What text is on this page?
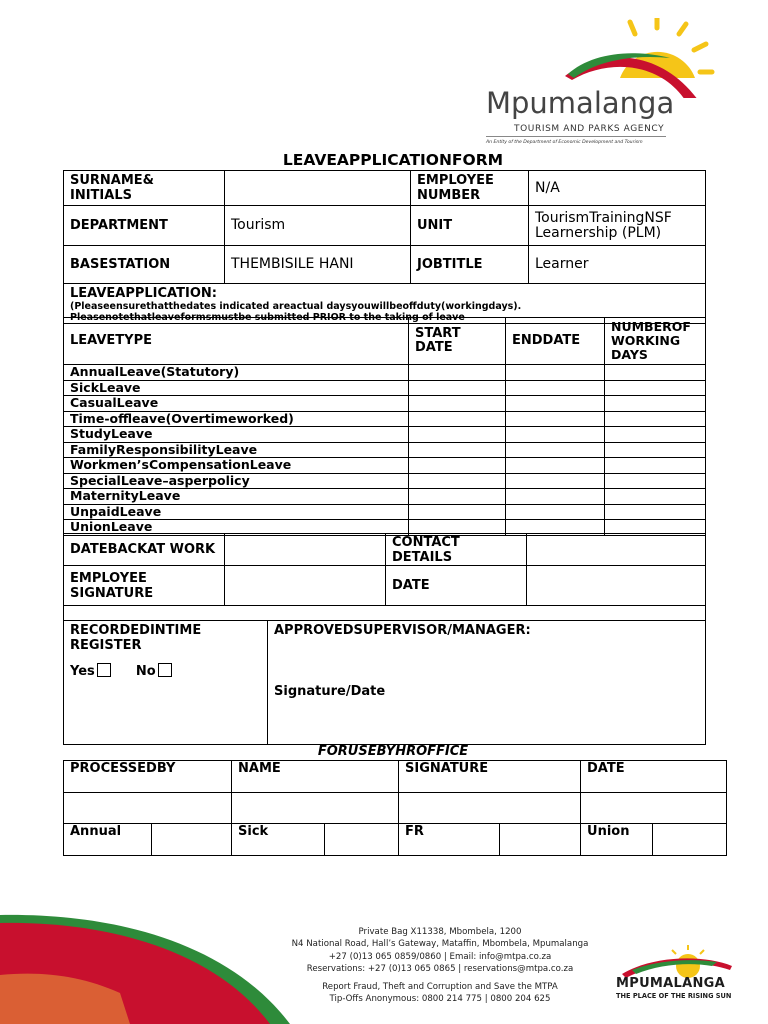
Mpumalanga
TOURISM AND PARKS AGENCY
An Entity of the Department of Economic Development and Tourism
LEAVEAPPLICATIONFORM
SURNAME& INITIALS		EMPLOYEE NUMBER	N/A
DEPARTMENT	Tourism	UNIT	TourismTrainingNSF Learnership (PLM)
BASESTATION	THEMBISILE HANI	JOBTITLE	Learner

LEAVEAPPLICATION:
(Pleaseensurethatthedates indicated areactual daysyouwillbeoffduty(workingdays). Pleasenotethatleaveformsmustbe submitted PRIOR to the taking of leave			
LEAVETYPE	START DATE	ENDDATE	NUMBEROF WORKING DAYS
AnnualLeave(Statutory)			
SickLeave			
CasualLeave			
Time-offleave(Overtimeworked)			
StudyLeave			
FamilyResponsibilityLeave			
Workmen’sCompensationLeave			
SpecialLeave–asperpolicy			
MaternityLeave			
UnpaidLeave			
UnionLeave			
DATEBACKAT WORK		CONTACT DETAILS	
EMPLOYEE SIGNATURE		DATE	

RECORDEDINTIME REGISTER
Yes	No

APPROVEDSUPERVISOR/MANAGER:
Signature/Date
FORUSEBYHROFFICE
PROCESSEDBY		NAME		SIGNATURE		DATE	

Annual		Sick		FR		Union	
Private Bag X11338, Mbombela, 1200
N4 National Road, Hall’s Gateway, Mataffin, Mbombela, Mpumalanga
+27 (0)13 065 0859/0860 | Email: info@mtpa.co.za
Reservations: +27 (0)13 065 0865 | reservations@mtpa.co.za
Report Fraud, Theft and Corruption and Save the MTPA
Tip-Offs Anonymous: 0800 214 775 | 0800 204 625
MPUMALANGA
THE PLACE OF THE RISING SUN
